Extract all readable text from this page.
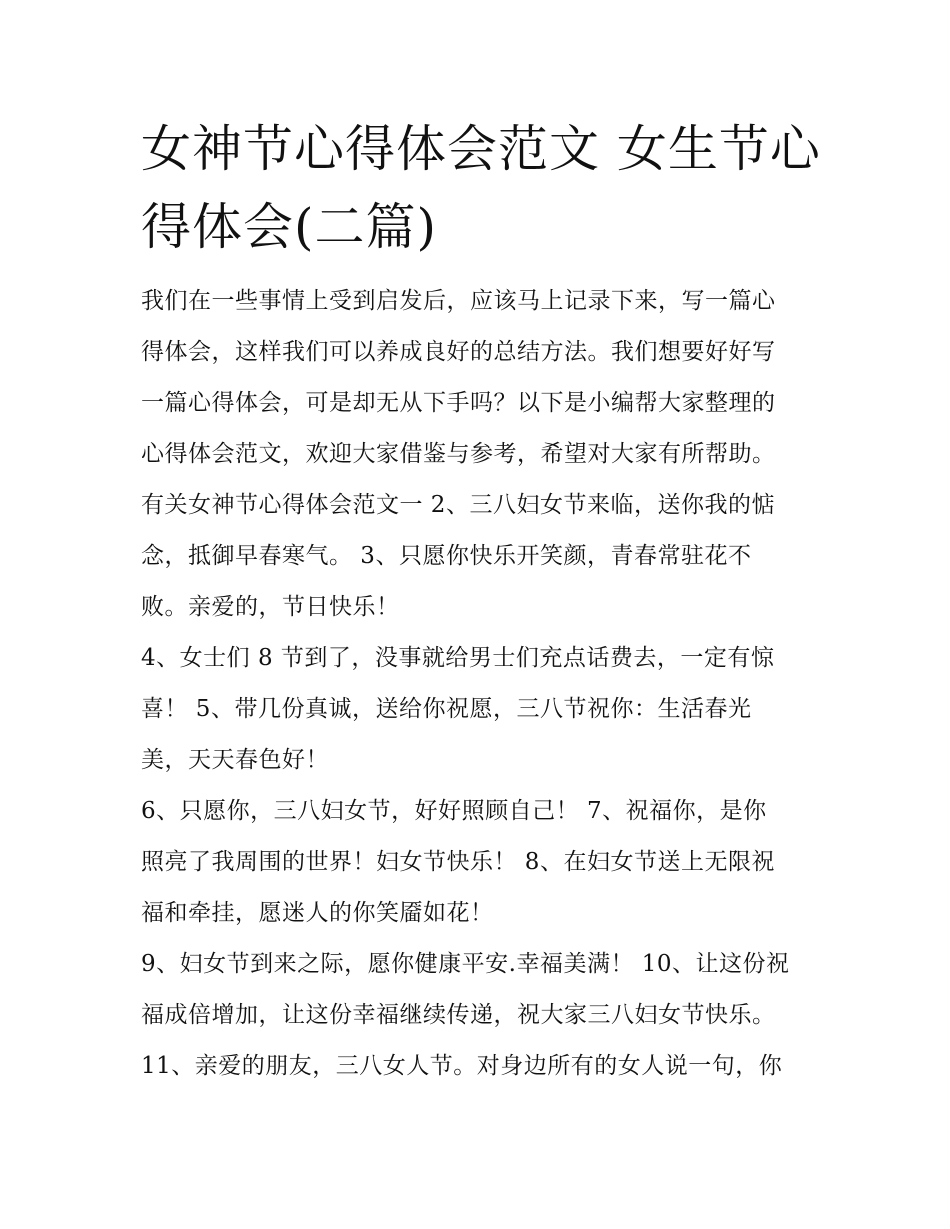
女神节心得体会范文 女生节心
得体会(二篇)

我们在一些事情上受到启发后，应该马上记录下来，写一篇心
得体会，这样我们可以养成良好的总结方法。我们想要好好写
一篇心得体会，可是却无从下手吗？以下是小编帮大家整理的
心得体会范文，欢迎大家借鉴与参考，希望对大家有所帮助。
有关女神节心得体会范文一 2、三八妇女节来临，送你我的惦
念，抵御早春寒气。 3、只愿你快乐开笑颜，青春常驻花不
败。亲爱的，节日快乐！

4、女士们 8 节到了，没事就给男士们充点话费去，一定有惊
喜！ 5、带几份真诚，送给你祝愿，三八节祝你：生活春光
美，天天春色好！

6、只愿你，三八妇女节，好好照顾自己！ 7、祝福你，是你
照亮了我周围的世界！妇女节快乐！ 8、在妇女节送上无限祝
福和牵挂，愿迷人的你笑靥如花！

9、妇女节到来之际，愿你健康平安.幸福美满！ 10、让这份祝
福成倍增加，让这份幸福继续传递，祝大家三八妇女节快乐。

11、亲爱的朋友，三八女人节。对身边所有的女人说一句，你
